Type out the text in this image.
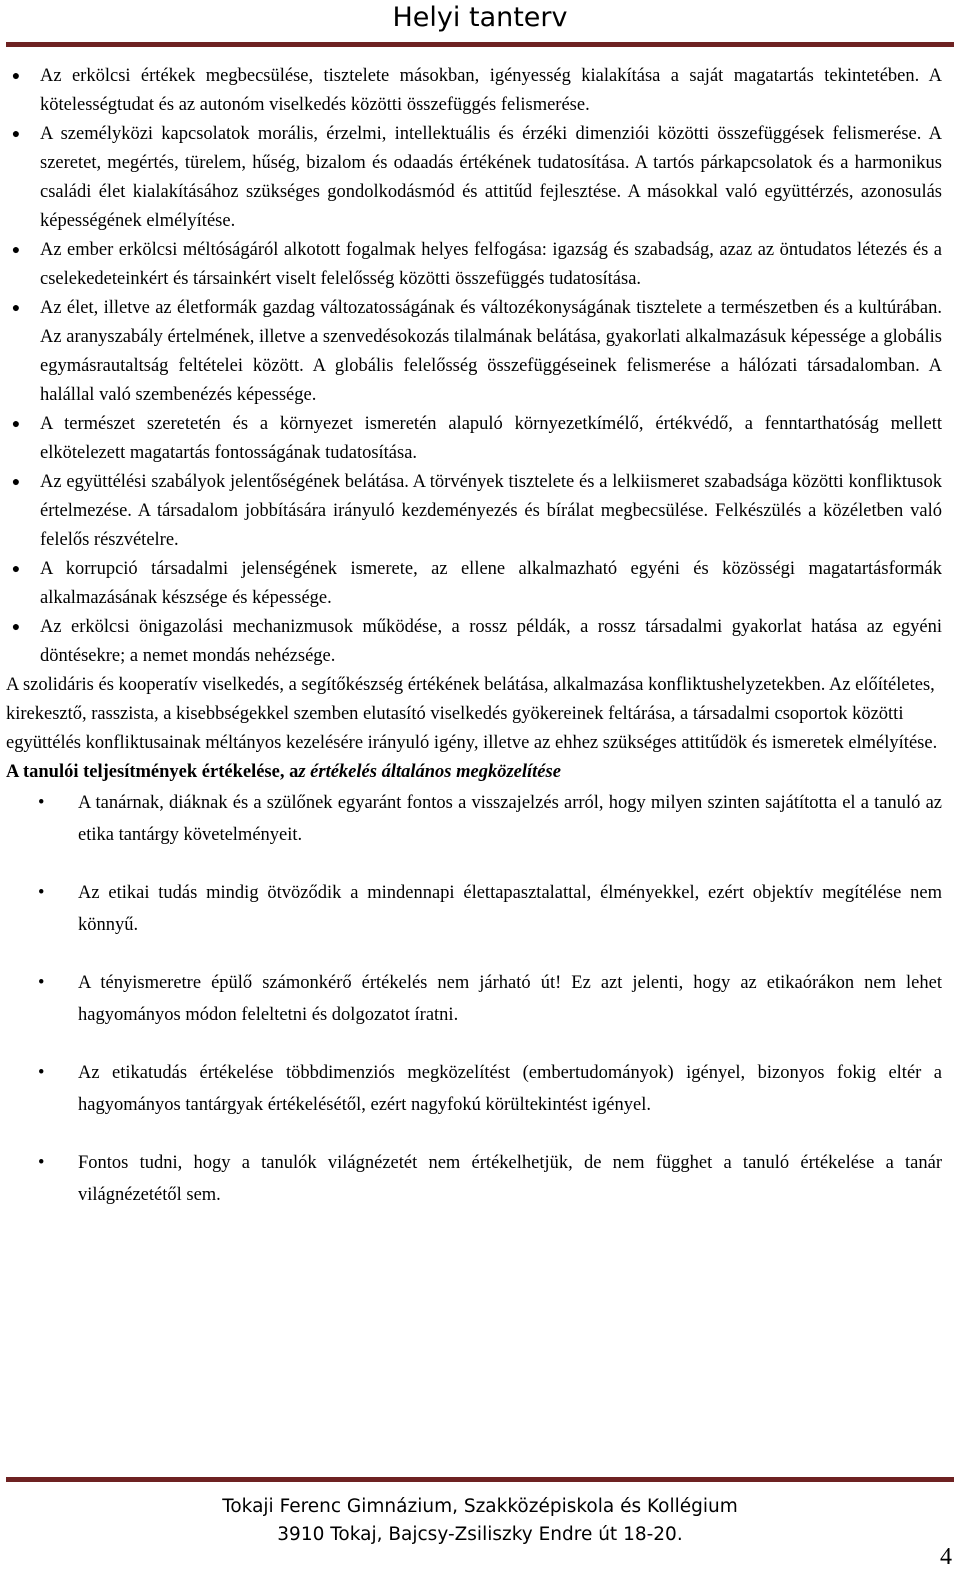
Helyi tanterv
●	Az erkölcsi értékek megbecsülése, tisztelete másokban, igényesség kialakítása a saját magatartás tekintetében. A kötelességtudat és az autonóm viselkedés közötti összefüggés felismerése.
●	A személyközi kapcsolatok morális, érzelmi, intellektuális és érzéki dimenziói közötti összefüggések felismerése. A szeretet, megértés, türelem, hűség, bizalom és odaadás értékének tudatosítása. A tartós párkapcsolatok és a harmonikus családi élet kialakításához szükséges gondolkodásmód és attitűd fejlesztése. A másokkal való együttérzés, azonosulás képességének elmélyítése.
●	Az ember erkölcsi méltóságáról alkotott fogalmak helyes felfogása: igazság és szabadság, azaz az öntudatos létezés és a cselekedeteinkért és társainkért viselt felelősség közötti összefüggés tudatosítása.
●	Az élet, illetve az életformák gazdag változatosságának és változékonyságának tisztelete a természetben és a kultúrában. Az aranyszabály értelmének, illetve a szenvedésokozás tilalmának belátása, gyakorlati alkalmazásuk képessége a globális egymásrautaltság feltételei között. A globális felelősség összefüggéseinek felismerése a hálózati társadalomban. A halállal való szembenézés képessége.
●	A természet szeretetén és a környezet ismeretén alapuló környezetkímélő, értékvédő, a fenntarthatóság mellett elkötelezett magatartás fontosságának tudatosítása.
●	Az együttélési szabályok jelentőségének belátása. A törvények tisztelete és a lelkiismeret szabadsága közötti konfliktusok értelmezése. A társadalom jobbítására irányuló kezdeményezés és bírálat megbecsülése. Felkészülés a közéletben való felelős részvételre.
●	A korrupció társadalmi jelenségének ismerete, az ellene alkalmazható egyéni és közösségi magatartásformák alkalmazásának készsége és képessége.
●	Az erkölcsi önigazolási mechanizmusok működése, a rossz példák, a rossz társadalmi gyakorlat hatása az egyéni döntésekre; a nemet mondás nehézsége.

A szolidáris és kooperatív viselkedés, a segítőkészség értékének belátása, alkalmazása konfliktushelyzetekben. Az előítéletes, kirekesztő, rasszista, a kisebbségekkel szemben elutasító viselkedés gyökereinek feltárása, a társadalmi csoportok közötti együttélés konfliktusainak méltányos kezelésére irányuló igény, illetve az ehhez szükséges attitűdök és ismeretek elmélyítése.

A tanulói teljesítmények értékelése, az értékelés általános megközelítése
• A tanárnak, diáknak és a szülőnek egyaránt fontos a visszajelzés arról, hogy milyen szinten sajátította el a tanuló az etika tantárgy követelményeit.
• Az etikai tudás mindig ötvöződik a mindennapi élettapasztalattal, élményekkel, ezért objektív megítélése nem könnyű.
• A tényismeretre épülő számonkérő értékelés nem járható út! Ez azt jelenti, hogy az etikaórákon nem lehet hagyományos módon feleltetni és dolgozatot íratni.
• Az etikatudás értékelése többdimenziós megközelítést (embertudományok) igényel, bizonyos fokig eltér a hagyományos tantárgyak értékelésétől, ezért nagyfokú körültekintést igényel.
• Fontos tudni, hogy a tanulók világnézetét nem értékelhetjük, de nem függhet a tanuló értékelése a tanár világnézetétől sem.
Tokaji Ferenc Gimnázium, Szakközépiskola és Kollégium
3910 Tokaj, Bajcsy-Zsiliszky Endre út 18-20.
4
